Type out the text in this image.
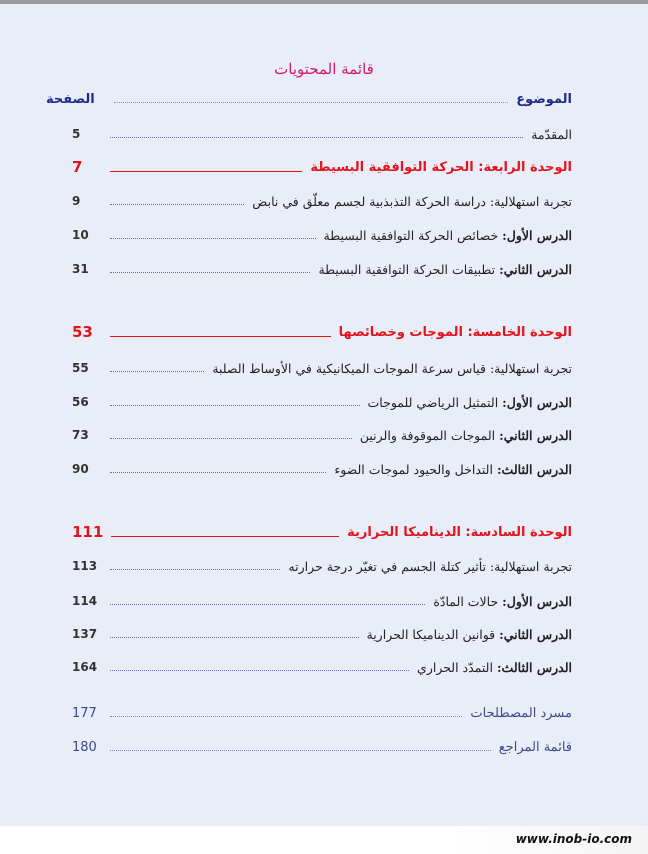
قائمة المحتويات
الموضوع
الصفحة
المقدّمة
5
الوحدة الرابعة: الحركة التوافقية البسيطة
7
تجربة استهلالية: دراسة الحركة التذبذبية لجسم معلّق في نابض
9
الدرس الأول: خصائص الحركة التوافقية البسيطة
10
الدرس الثاني: تطبيقات الحركة التوافقية البسيطة
31
الوحدة الخامسة: الموجات وخصائصها
53
تجربة استهلالية: قياس سرعة الموجات الميكانيكية في الأوساط الصلبة
55
الدرس الأول: التمثيل الرياضي للموجات
56
الدرس الثاني: الموجات الموقوفة والرنين
73
الدرس الثالث: التداخل والحيود لموجات الضوء
90
الوحدة السادسة: الديناميكا الحرارية
111
تجربة استهلالية: تأثير كتلة الجسم في تغيّر درجة حرارته
113
الدرس الأول: حالات المادّة
114
الدرس الثاني: قوانين الديناميكا الحرارية
137
الدرس الثالث: التمدّد الحراري
164
مسرد المصطلحات
177
قائمة المراجع
180
www.inob-io.com
